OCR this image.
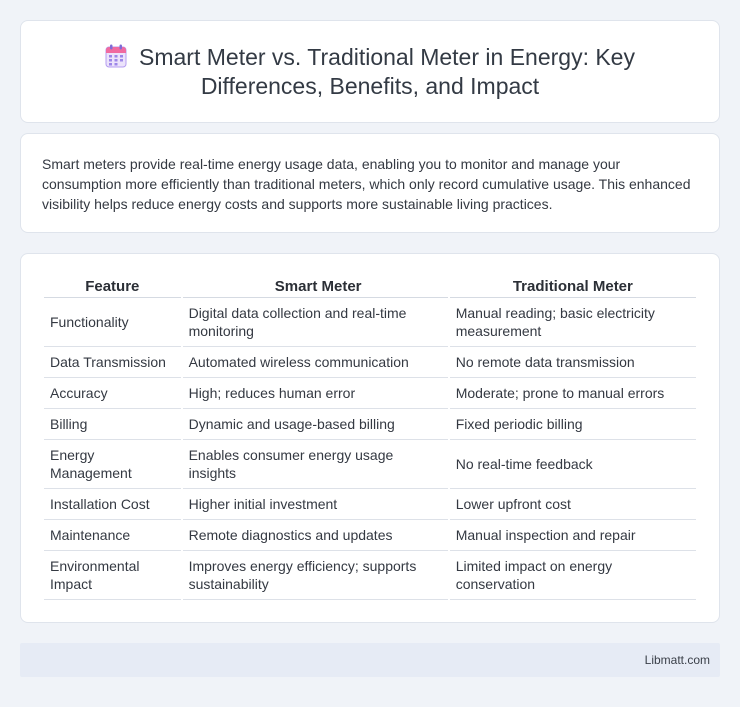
Smart Meter vs. Traditional Meter in Energy: Key Differences, Benefits, and Impact

Smart meters provide real-time energy usage data, enabling you to monitor and manage your consumption more efficiently than traditional meters, which only record cumulative usage. This enhanced visibility helps reduce energy costs and supports more sustainable living practices.

Feature	Smart Meter	Traditional Meter
Functionality	Digital data collection and real-time monitoring	Manual reading; basic electricity measurement
Data Transmission	Automated wireless communication	No remote data transmission
Accuracy	High; reduces human error	Moderate; prone to manual errors
Billing	Dynamic and usage-based billing	Fixed periodic billing
Energy Management	Enables consumer energy usage insights	No real-time feedback
Installation Cost	Higher initial investment	Lower upfront cost
Maintenance	Remote diagnostics and updates	Manual inspection and repair
Environmental Impact	Improves energy efficiency; supports sustainability	Limited impact on energy conservation
Libmatt.com
